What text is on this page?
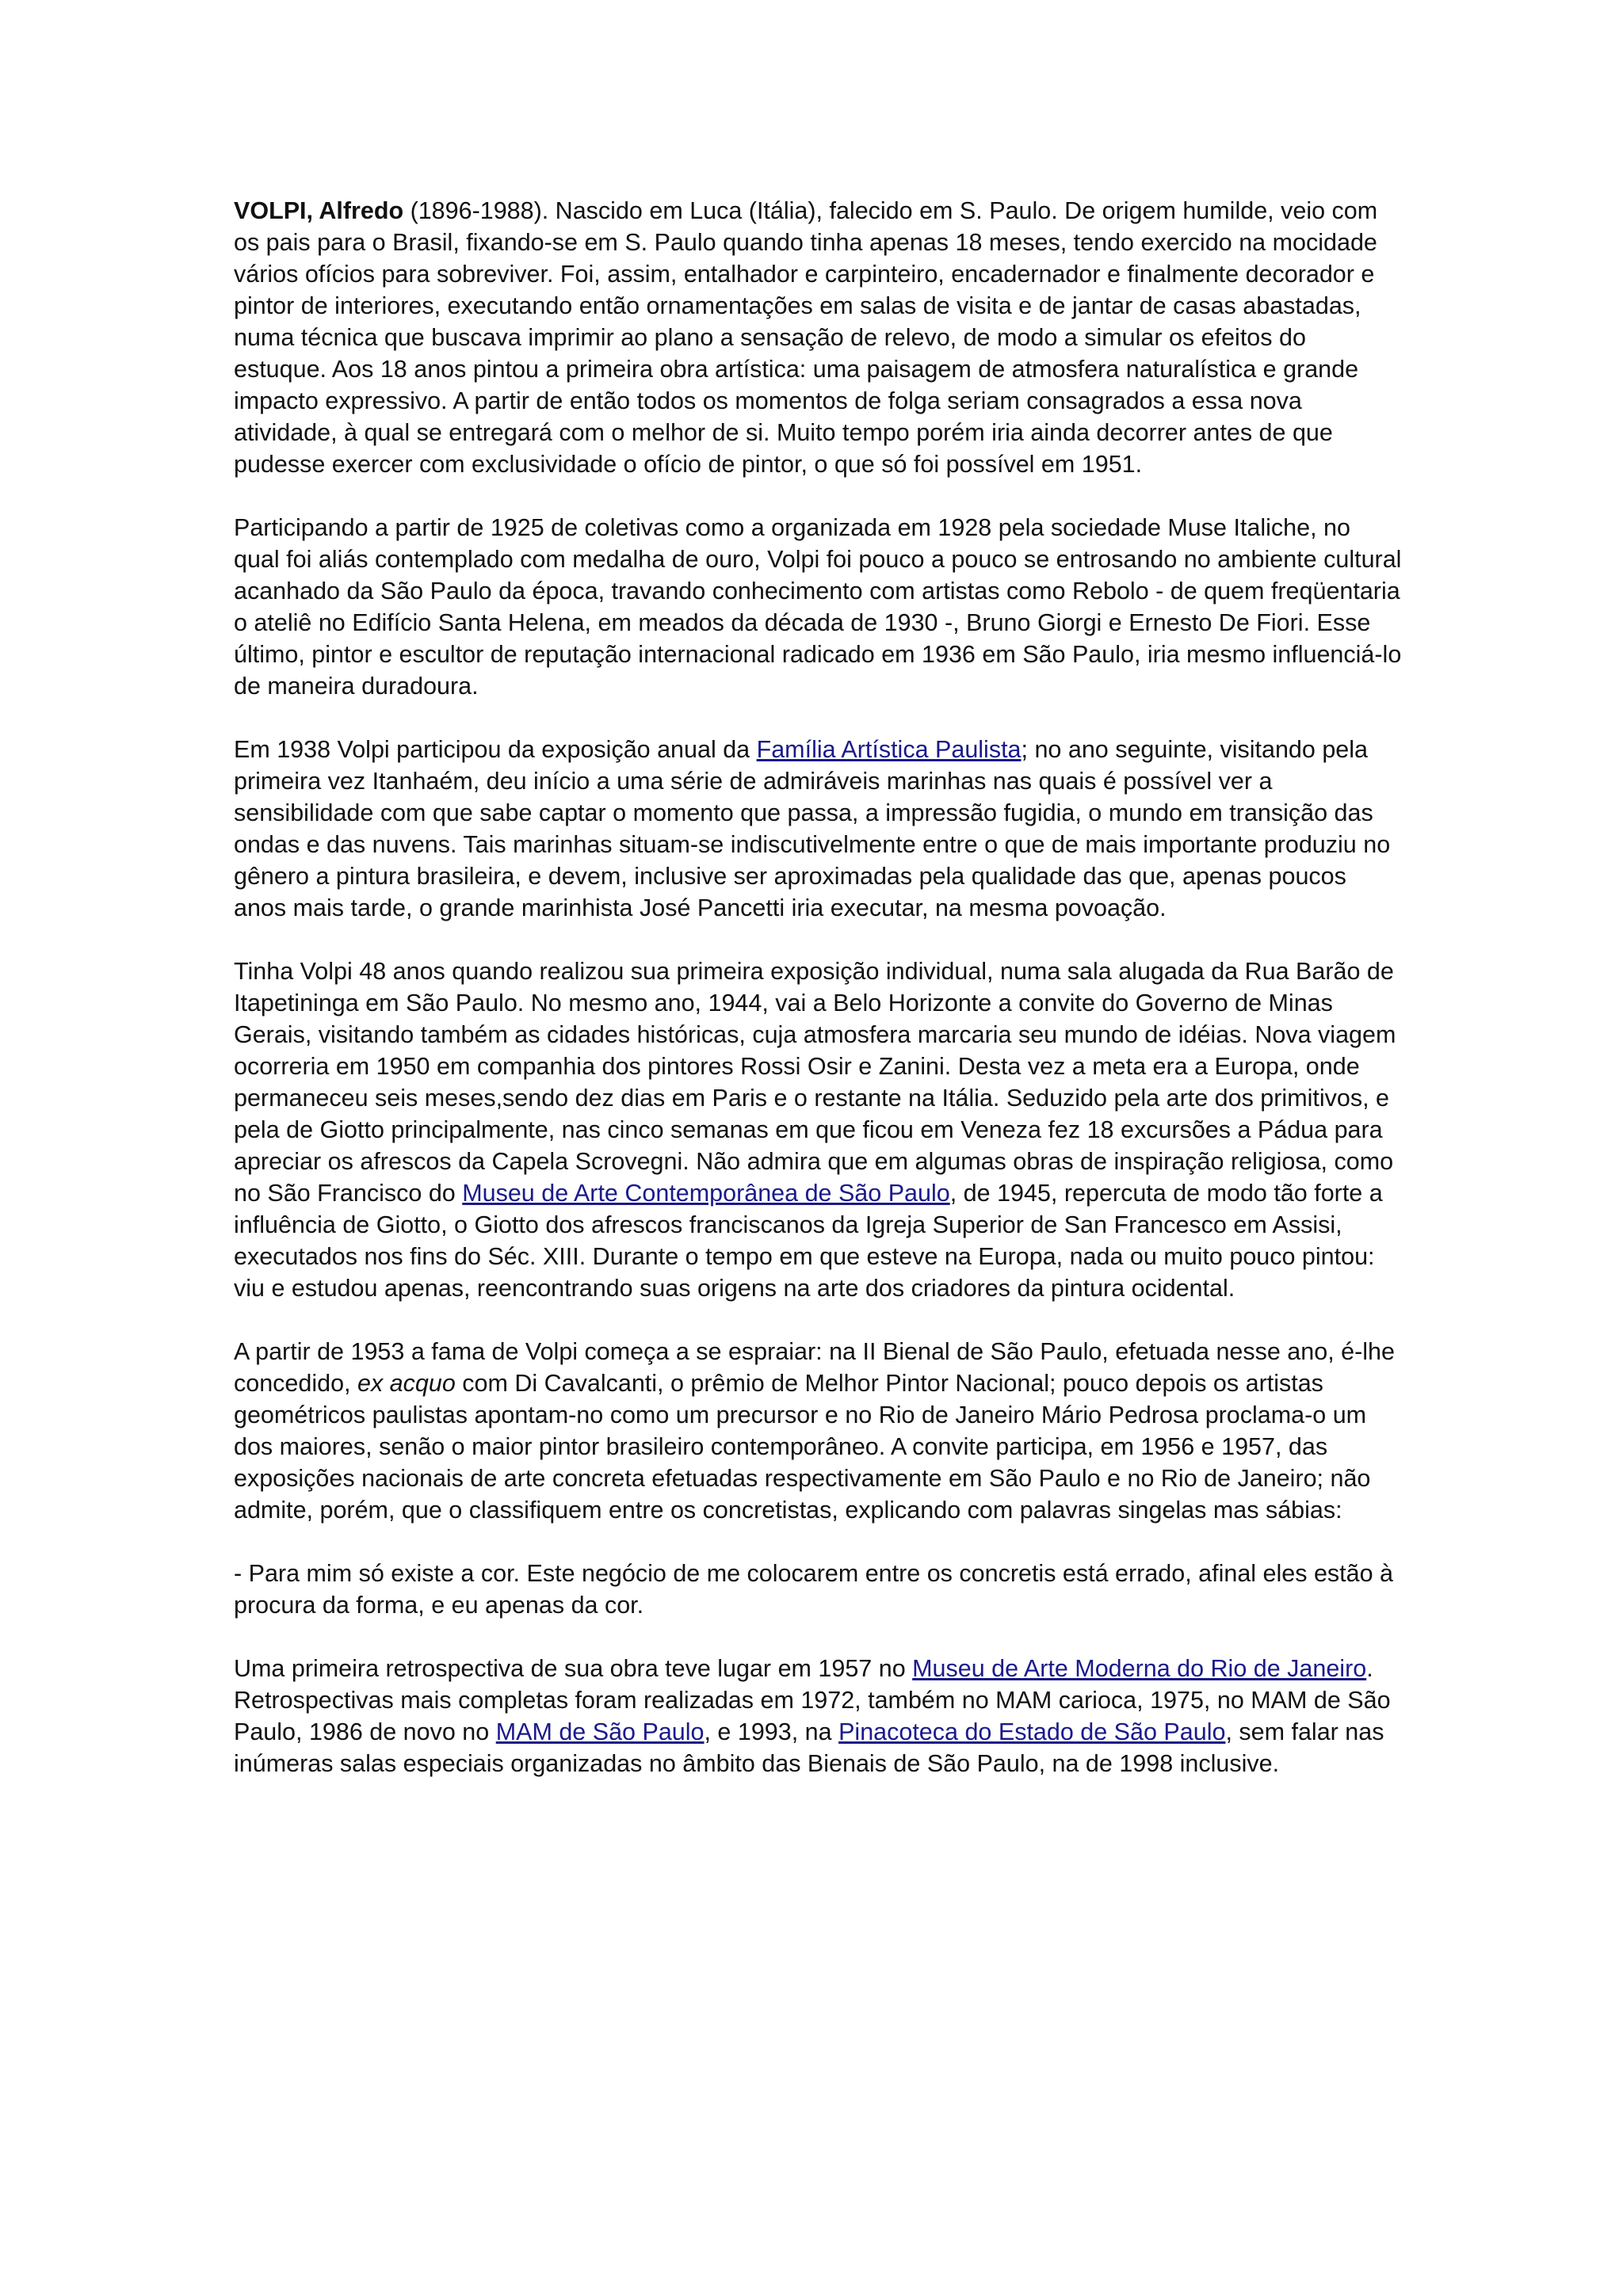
VOLPI, Alfredo (1896-1988). Nascido em Luca (Itália), falecido em S. Paulo. De origem humilde, veio com os pais para o Brasil, fixando-se em S. Paulo quando tinha apenas 18 meses, tendo exercido na mocidade vários ofícios para sobreviver. Foi, assim, entalhador e carpinteiro, encadernador e finalmente decorador e pintor de interiores, executando então ornamentações em salas de visita e de jantar de casas abastadas, numa técnica que buscava imprimir ao plano a sensação de relevo, de modo a simular os efeitos do estuque. Aos 18 anos pintou a primeira obra artística: uma paisagem de atmosfera naturalística e grande impacto expressivo. A partir de então todos os momentos de folga seriam consagrados a essa nova atividade, à qual se entregará com o melhor de si. Muito tempo porém iria ainda decorrer antes de que pudesse exercer com exclusividade o ofício de pintor, o que só foi possível em 1951.

Participando a partir de 1925 de coletivas como a organizada em 1928 pela sociedade Muse Italiche, no qual foi aliás contemplado com medalha de ouro, Volpi foi pouco a pouco se entrosando no ambiente cultural acanhado da São Paulo da época, travando conhecimento com artistas como Rebolo - de quem freqüentaria o ateliê no Edifício Santa Helena, em meados da década de 1930 -, Bruno Giorgi e Ernesto De Fiori. Esse último, pintor e escultor de reputação internacional radicado em 1936 em São Paulo, iria mesmo influenciá-lo de maneira duradoura.

Em 1938 Volpi participou da exposição anual da Família Artística Paulista; no ano seguinte, visitando pela primeira vez Itanhaém, deu início a uma série de admiráveis marinhas nas quais é possível ver a sensibilidade com que sabe captar o momento que passa, a impressão fugidia, o mundo em transição das ondas e das nuvens. Tais marinhas situam-se indiscutivelmente entre o que de mais importante produziu no gênero a pintura brasileira, e devem, inclusive ser aproximadas pela qualidade das que, apenas poucos anos mais tarde, o grande marinhista José Pancetti iria executar, na mesma povoação.

Tinha Volpi 48 anos quando realizou sua primeira exposição individual, numa sala alugada da Rua Barão de Itapetininga em São Paulo. No mesmo ano, 1944, vai a Belo Horizonte a convite do Governo de Minas Gerais, visitando também as cidades históricas, cuja atmosfera marcaria seu mundo de idéias. Nova viagem ocorreria em 1950 em companhia dos pintores Rossi Osir e Zanini. Desta vez a meta era a Europa, onde permaneceu seis meses,sendo dez dias em Paris e o restante na Itália. Seduzido pela arte dos primitivos, e pela de Giotto principalmente, nas cinco semanas em que ficou em Veneza fez 18 excursões a Pádua para apreciar os afrescos da Capela Scrovegni. Não admira que em algumas obras de inspiração religiosa, como no São Francisco do Museu de Arte Contemporânea de São Paulo, de 1945, repercuta de modo tão forte a influência de Giotto, o Giotto dos afrescos franciscanos da Igreja Superior de San Francesco em Assisi, executados nos fins do Séc. XIII. Durante o tempo em que esteve na Europa, nada ou muito pouco pintou: viu e estudou apenas, reencontrando suas origens na arte dos criadores da pintura ocidental.

A partir de 1953 a fama de Volpi começa a se espraiar: na II Bienal de São Paulo, efetuada nesse ano, é-lhe concedido, ex acquo com Di Cavalcanti, o prêmio de Melhor Pintor Nacional; pouco depois os artistas geométricos paulistas apontam-no como um precursor e no Rio de Janeiro Mário Pedrosa proclama-o um dos maiores, senão o maior pintor brasileiro contemporâneo. A convite participa, em 1956 e 1957, das exposições nacionais de arte concreta efetuadas respectivamente em São Paulo e no Rio de Janeiro; não admite, porém, que o classifiquem entre os concretistas, explicando com palavras singelas mas sábias:

- Para mim só existe a cor. Este negócio de me colocarem entre os concretis está errado, afinal eles estão à procura da forma, e eu apenas da cor.

Uma primeira retrospectiva de sua obra teve lugar em 1957 no Museu de Arte Moderna do Rio de Janeiro. Retrospectivas mais completas foram realizadas em 1972, também no MAM carioca, 1975, no MAM de São Paulo, 1986 de novo no MAM de São Paulo, e 1993, na Pinacoteca do Estado de São Paulo, sem falar nas inúmeras salas especiais organizadas no âmbito das Bienais de São Paulo, na de 1998 inclusive.
